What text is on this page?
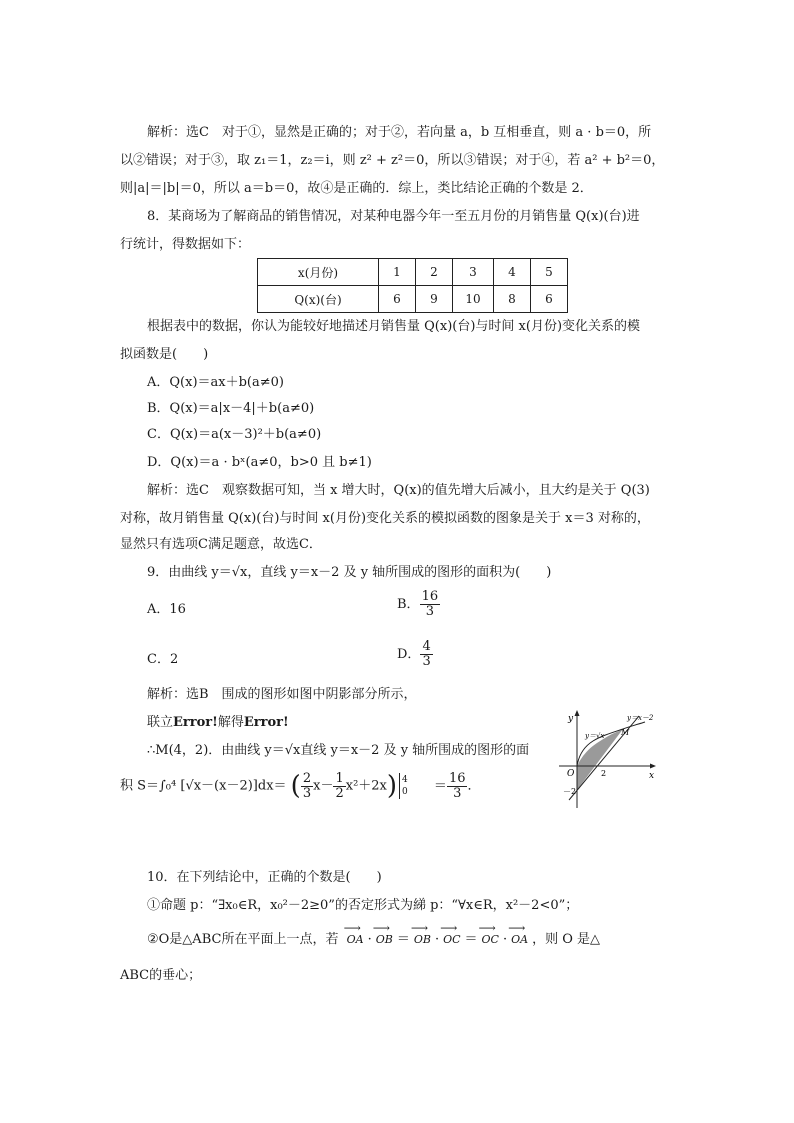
解析：选C　对于①，显然是正确的；对于②，若向量 a，b 互相垂直，则 a · b＝0，所
以②错误；对于③，取 z₁＝1，z₂＝i，则 z² + z²＝0，所以③错误；对于④，若 a² + b²＝0，
则|a|＝|b|＝0，所以 a＝b＝0，故④是正确的．综上，类比结论正确的个数是 2．
8．某商场为了解商品的销售情况，对某种电器今年一至五月份的月销售量 Q(x)(台)进
行统计，得数据如下：
x(月份)	1	2	3	4	5
Q(x)(台)	6	9	10	8	6
根据表中的数据，你认为能较好地描述月销售量 Q(x)(台)与时间 x(月份)变化关系的模
拟函数是(　　)
A．Q(x)＝ax＋b(a≠0)
B．Q(x)＝a|x－4|＋b(a≠0)
C．Q(x)＝a(x－3)²＋b(a≠0)
D．Q(x)＝a · bˣ(a≠0，b>0 且 b≠1)
解析：选C　观察数据可知，当 x 增大时，Q(x)的值先增大后减小，且大约是关于 Q(3)
对称，故月销售量 Q(x)(台)与时间 x(月份)变化关系的模拟函数的图象是关于 x＝3 对称的，
显然只有选项C满足题意，故选C．
9．由曲线 y＝√x，直线 y＝x－2 及 y 轴所围成的图形的面积为(　　)
A．16	B． $\frac{16}{3}$
C．2	D． $\frac{4}{3}$
解析：选B　围成的图形如图中阴影部分所示，
联立Error!解得Error!
∴M(4，2)．由曲线 y＝√x直线 y＝x－2 及 y 轴所围成的图形的面
积 S＝∫₀⁴ [√x－(x－2)]dx＝ ( $\frac{2}{3} x- \frac{1}{2} x^2+2x$) 4
$0 = \frac{16}{3}$ ．
y
x
y＝√x
y＝x－2
M
O	2
－2
10．在下列结论中，正确的个数是(　　)
①命题 p：“∃x₀∈R，x₀²－2≥0”的否定形式为綈 p：“∀x∈R，x²－2<0”；
②O是△ABC所在平面上一点，若 ⟶ OA · ⟶ OB ＝ ⟶ OB · ⟶ OC ＝ ⟶ OC · ⟶ OA ，则 O 是△
ABC的垂心；
